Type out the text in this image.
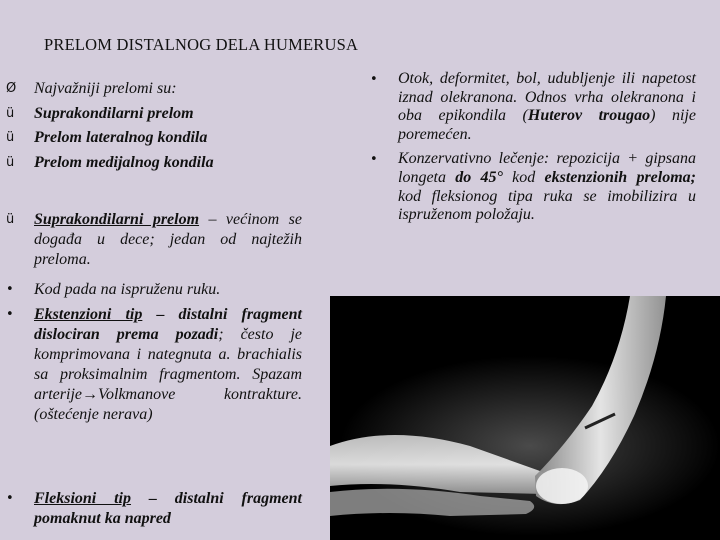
PRELOM DISTALNOG DELA HUMERUSA
Ø	Najvažniji prelomi su:
ü	Suprakondilarni prelom
ü	Prelom lateralnog kondila
ü	Prelom medijalnog kondila
ü	Suprakondilarni prelom – većinom se događa u dece; jedan od najtežih preloma.
•	Kod pada na ispruženu ruku.
•	Ekstenzioni tip – distalni fragment dislociran prema pozadi; često je komprimovana i nategnuta a. brachialis sa proksimalnim fragmentom. Spazam arterije→Volkmanove kontrakture. (oštećenje nerava)
•	Fleksioni tip – distalni fragment pomaknut ka napred
•	Otok, deformitet, bol, udubljenje ili napetost iznad olekranona. Odnos vrha olekranona i oba epikondila (Huterov trougao) nije poremećen.
•	Konzervativno lečenje: repozicija + gipsana longeta do 45° kod ekstenzionih preloma; kod fleksionog tipa ruka se imobilizira u ispruženom položaju.
